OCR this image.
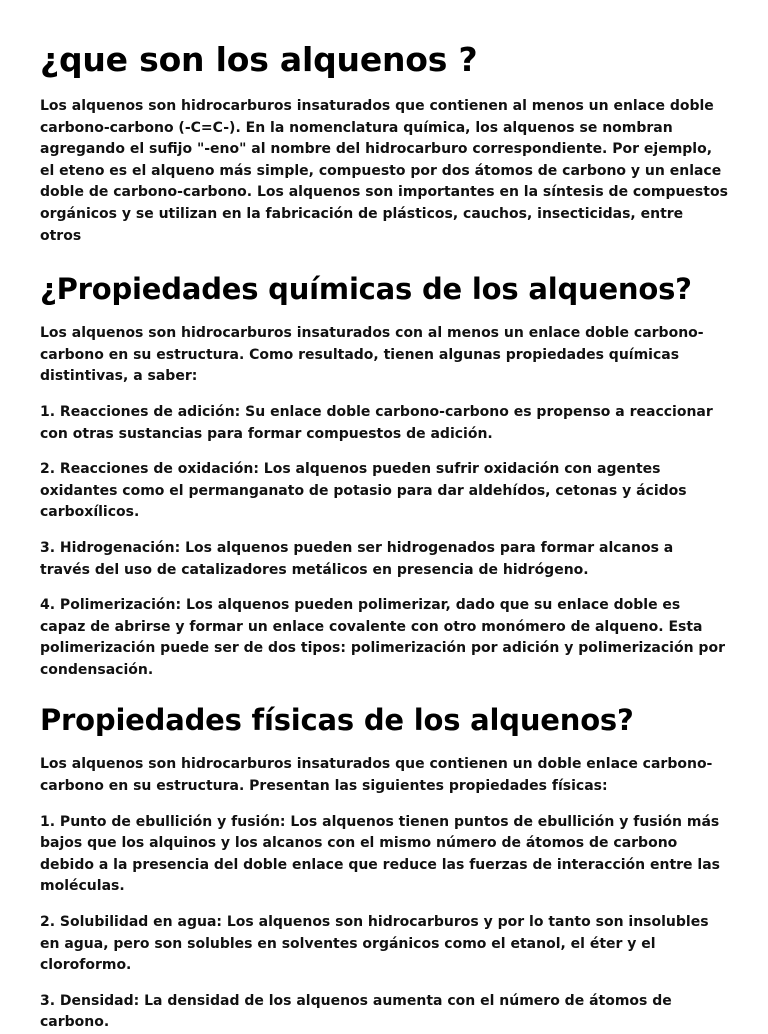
¿que son los alquenos ?

Los alquenos son hidrocarburos insaturados que contienen al menos un enlace doble carbono-carbono (-C=C-). En la nomenclatura química, los alquenos se nombran agregando el sufijo "-eno" al nombre del hidrocarburo correspondiente. Por ejemplo, el eteno es el alqueno más simple, compuesto por dos átomos de carbono y un enlace doble de carbono-carbono. Los alquenos son importantes en la síntesis de compuestos orgánicos y se utilizan en la fabricación de plásticos, cauchos, insecticidas, entre otros

¿Propiedades químicas de los alquenos?

Los alquenos son hidrocarburos insaturados con al menos un enlace doble carbono-carbono en su estructura. Como resultado, tienen algunas propiedades químicas distintivas, a saber:

1. Reacciones de adición: Su enlace doble carbono-carbono es propenso a reaccionar con otras sustancias para formar compuestos de adición.

2. Reacciones de oxidación: Los alquenos pueden sufrir oxidación con agentes oxidantes como el permanganato de potasio para dar aldehídos, cetonas y ácidos carboxílicos.

3. Hidrogenación: Los alquenos pueden ser hidrogenados para formar alcanos a través del uso de catalizadores metálicos en presencia de hidrógeno.

4. Polimerización: Los alquenos pueden polimerizar, dado que su enlace doble es capaz de abrirse y formar un enlace covalente con otro monómero de alqueno. Esta polimerización puede ser de dos tipos: polimerización por adición y polimerización por condensación.

Propiedades físicas de los alquenos?

Los alquenos son hidrocarburos insaturados que contienen un doble enlace carbono-carbono en su estructura. Presentan las siguientes propiedades físicas:

1. Punto de ebullición y fusión: Los alquenos tienen puntos de ebullición y fusión más bajos que los alquinos y los alcanos con el mismo número de átomos de carbono debido a la presencia del doble enlace que reduce las fuerzas de interacción entre las moléculas.

2. Solubilidad en agua: Los alquenos son hidrocarburos y por lo tanto son insolubles en agua, pero son solubles en solventes orgánicos como el etanol, el éter y el cloroformo.

3. Densidad: La densidad de los alquenos aumenta con el número de átomos de carbono.
